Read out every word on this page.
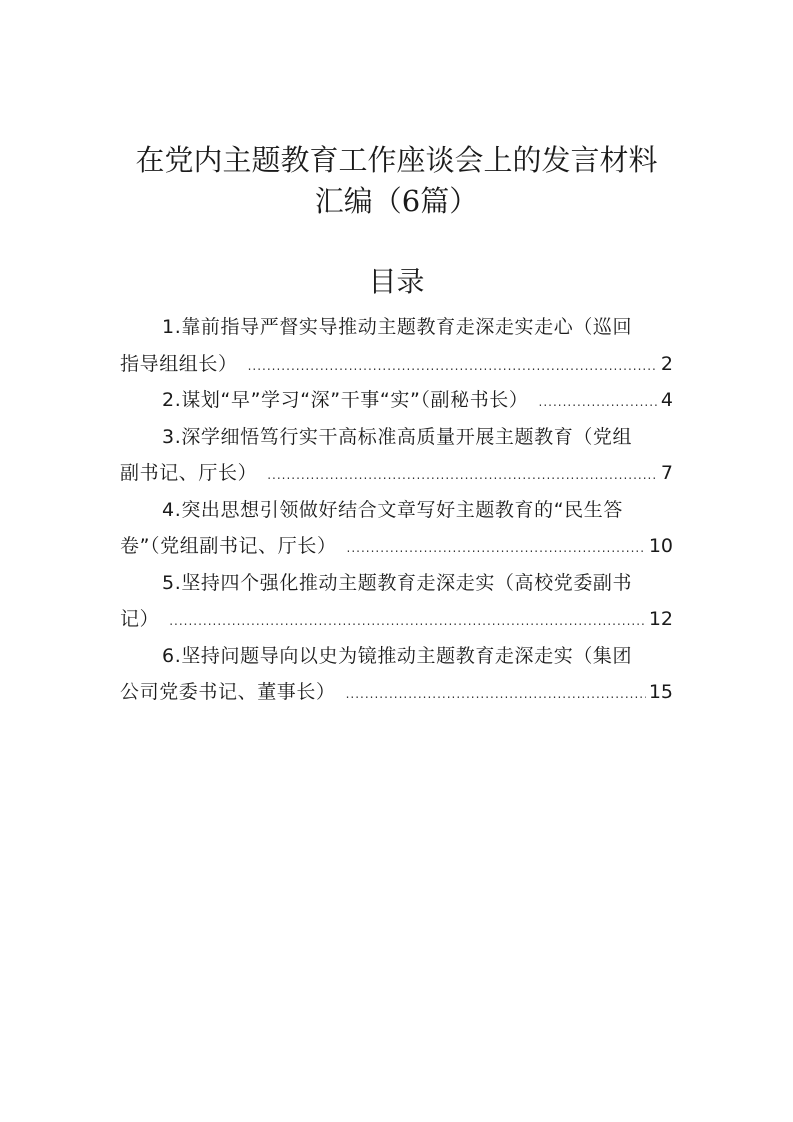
在党内主题教育工作座谈会上的发言材料
汇编（6篇）
目录
1.靠前指导严督实导推动主题教育走深走实走心（巡回
指导组组长） .....	2
2.谋划“早”学习“深”干事“实”（副秘书长） .....	4
3.深学细悟笃行实干高标准高质量开展主题教育（党组
副书记、厅长） .....	7
4.突出思想引领做好结合文章写好主题教育的“民生答
卷”（党组副书记、厅长） .....	10
5.坚持四个强化推动主题教育走深走实（高校党委副书
记） .....	12
6.坚持问题导向以史为镜推动主题教育走深走实（集团
公司党委书记、董事长） .....	15
